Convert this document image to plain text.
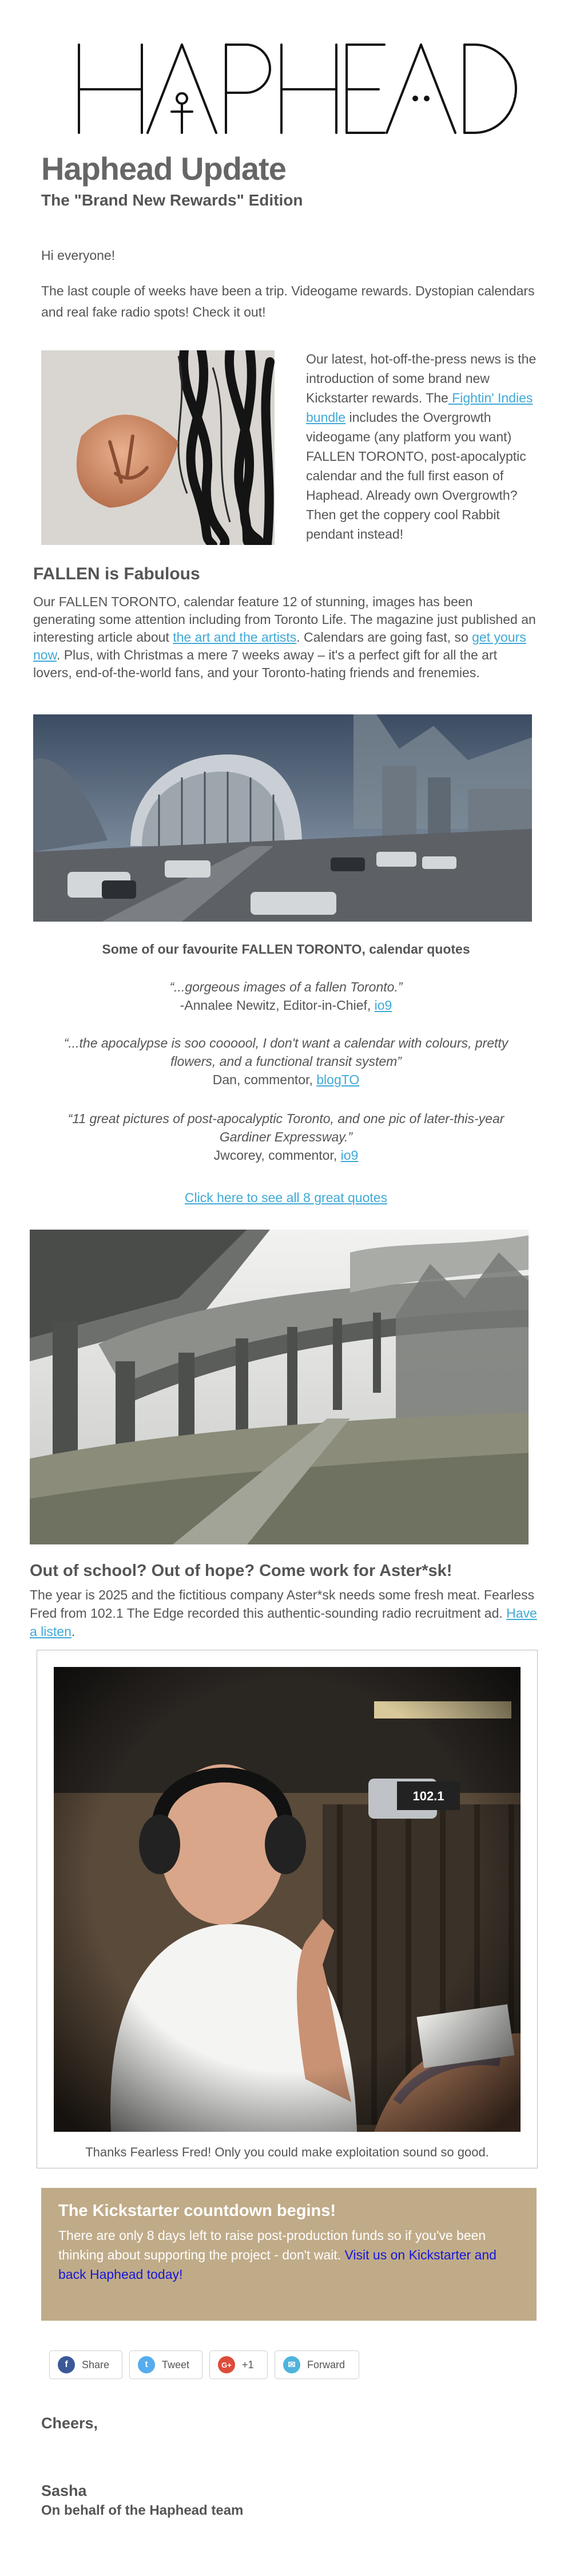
Haphead Update
The "Brand New Rewards" Edition
Hi everyone!
The last couple of weeks have been a trip. Videogame rewards. Dystopian calendars and real fake radio spots! Check it out!
Our latest, hot-off-the-press news is the introduction of some brand new Kickstarter rewards. The Fightin' Indies bundle includes the Overgrowth videogame (any platform you want) FALLEN TORONTO, post-apocalyptic calendar and the full first eason of Haphead. Already own Overgrowth? Then get the coppery cool Rabbit pendant instead!
FALLEN is Fabulous
Our FALLEN TORONTO, calendar feature 12 of stunning, images has been generating some attention including from Toronto Life. The magazine just published an interesting article about the art and the artists. Calendars are going fast, so get yours now. Plus, with Christmas a mere 7 weeks away – it's a perfect gift for all the art lovers, end-of-the-world fans, and your Toronto-hating friends and frenemies.
Some of our favourite FALLEN TORONTO, calendar quotes
“...gorgeous images of a fallen Toronto.”
-Annalee Newitz, Editor-in-Chief, io9
“...the apocalypse is soo coooool, I don't want a calendar with colours, pretty flowers, and a functional transit system”
Dan, commentor, blogTO
“11 great pictures of post-apocalyptic Toronto, and one pic of later-this-year Gardiner Expressway.”
Jwcorey, commentor, io9
Click here to see all 8 great quotes
Out of school? Out of hope? Come work for Aster*sk!
The year is 2025 and the fictitious company Aster*sk needs some fresh meat. Fearless Fred from 102.1 The Edge recorded this authentic-sounding radio recruitment ad. Have a listen.
Thanks Fearless Fred! Only you could make exploitation sound so good.
The Kickstarter countdown begins!
There are only 8 days left to raise post-production funds so if you've been thinking about supporting the project - don't wait. Visit us on Kickstarter and back Haphead today!
f	Share	t	Tweet	G+	+1	✉	Forward
Cheers,
Sasha
On behalf of the Haphead team
